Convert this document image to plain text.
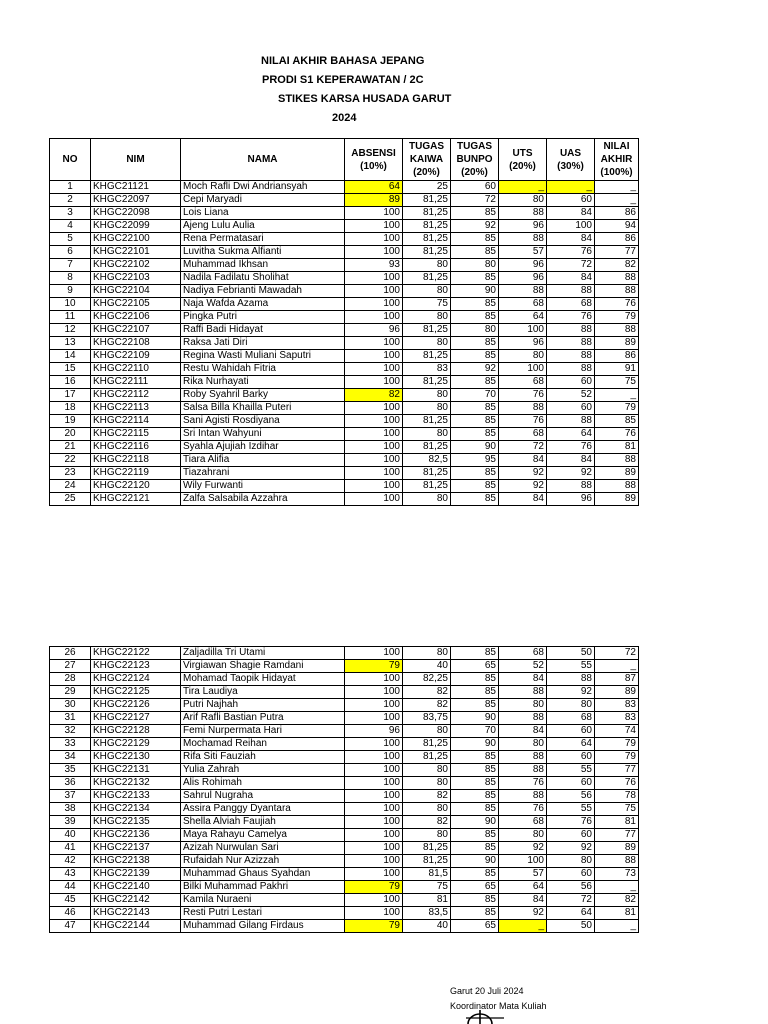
NILAI AKHIR BAHASA JEPANG
PRODI S1 KEPERAWATAN / 2C
STIKES KARSA HUSADA GARUT
2024
NO	NIM	NAMA	ABSENSI (10%)	TUGAS KAIWA (20%)	TUGAS BUNPO (20%)	UTS (20%)	UAS (30%)	NILAI AKHIR (100%)
1	KHGC21121	Moch Rafli Dwi Andriansyah	64	25	60	_	_	_
2	KHGC22097	Cepi Maryadi	89	81,25	72	80	60	_
3	KHGC22098	Lois Liana	100	81,25	85	88	84	86
4	KHGC22099	Ajeng Lulu Aulia	100	81,25	92	96	100	94
5	KHGC22100	Rena Permatasari	100	81,25	85	88	84	86
6	KHGC22101	Luvitha Sukma Alfianti	100	81,25	85	57	76	77
7	KHGC22102	Muhammad Ikhsan	93	80	80	96	72	82
8	KHGC22103	Nadila Fadilatu Sholihat	100	81,25	85	96	84	88
9	KHGC22104	Nadiya Febrianti Mawadah	100	80	90	88	88	88
10	KHGC22105	Naja Wafda Azama	100	75	85	68	68	76
11	KHGC22106	Pingka Putri	100	80	85	64	76	79
12	KHGC22107	Raffi Badi Hidayat	96	81,25	80	100	88	88
13	KHGC22108	Raksa Jati Diri	100	80	85	96	88	89
14	KHGC22109	Regina Wasti Muliani Saputri	100	81,25	85	80	88	86
15	KHGC22110	Restu Wahidah Fitria	100	83	92	100	88	91
16	KHGC22111	Rika Nurhayati	100	81,25	85	68	60	75
17	KHGC22112	Roby Syahril Barky	82	80	70	76	52	_
18	KHGC22113	Salsa Billa Khailla Puteri	100	80	85	88	60	79
19	KHGC22114	Sani Agisti Rosdiyana	100	81,25	85	76	88	85
20	KHGC22115	Sri Intan Wahyuni	100	80	85	68	64	76
21	KHGC22116	Syahla Ajujiah Izdihar	100	81,25	90	72	76	81
22	KHGC22118	Tiara Alifia	100	82,5	95	84	84	88
23	KHGC22119	Tiazahrani	100	81,25	85	92	92	89
24	KHGC22120	Wily Furwanti	100	81,25	85	92	88	88
25	KHGC22121	Zalfa Salsabila Azzahra	100	80	85	84	96	89
26	KHGC22122	Zaljadilla Tri Utami	100	80	85	68	50	72
27	KHGC22123	Virgiawan Shagie Ramdani	79	40	65	52	55	_
28	KHGC22124	Mohamad Taopik Hidayat	100	82,25	85	84	88	87
29	KHGC22125	Tira Laudiya	100	82	85	88	92	89
30	KHGC22126	Putri Najhah	100	82	85	80	80	83
31	KHGC22127	Arif Rafli Bastian Putra	100	83,75	90	88	68	83
32	KHGC22128	Femi Nurpermata Hari	96	80	70	84	60	74
33	KHGC22129	Mochamad Reihan	100	81,25	90	80	64	79
34	KHGC22130	Rifa Siti Fauziah	100	81,25	85	88	60	79
35	KHGC22131	Yulia Zahrah	100	80	85	88	55	77
36	KHGC22132	Alis Rohimah	100	80	85	76	60	76
37	KHGC22133	Sahrul Nugraha	100	82	85	88	56	78
38	KHGC22134	Assira Panggy Dyantara	100	80	85	76	55	75
39	KHGC22135	Shella Alviah Faujiah	100	82	90	68	76	81
40	KHGC22136	Maya Rahayu Camelya	100	80	85	80	60	77
41	KHGC22137	Azizah Nurwulan Sari	100	81,25	85	92	92	89
42	KHGC22138	Rufaidah Nur Azizzah	100	81,25	90	100	80	88
43	KHGC22139	Muhammad Ghaus Syahdan	100	81,5	85	57	60	73
44	KHGC22140	Bilki Muhammad Pakhri	79	75	65	64	56	_
45	KHGC22142	Kamila Nuraeni	100	81	85	84	72	82
46	KHGC22143	Resti Putri Lestari	100	83,5	85	92	64	81
47	KHGC22144	Muhammad Gilang Firdaus	79	40	65	_	50	_
Garut 20 Juli 2024
Koordinator Mata Kuliah
